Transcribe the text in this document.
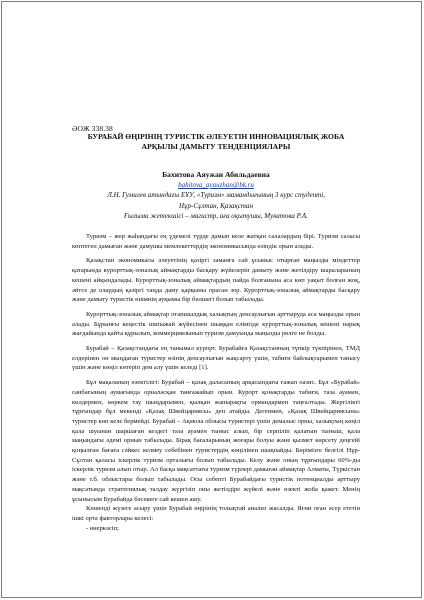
ӘОЖ 338.38
БУРАБАЙ ӨҢІРІНІҢ ТУРИСТІК ӘЛЕУЕТІН ИННОВАЦИЯЛЫҚ ЖОБА
АРҚЫЛЫ ДАМЫТУ ТЕНДЕНЦИЯЛАРЫ
Бахитова Аяужан Абильдаевна
bahitova_ayauzhan@bk.ru
Л.Н. Гумилев атындағы ЕҰУ, «Туризм» мамандығының 3 курс студенті,
Нұр-Сұлтан, Қазақстан
Ғылыми жетекшісі – магистр, аға оқытушы, Мукатова Р.А.

Туризм – жер жаһандағы ең үдемелі түрде дамып келе жатқан салалардың бірі. Туризм саласы көптеген дамыған және дамушы мемлекеттердің экономикасында өзіндік орын алады.

Қазақстан экономикасы әлеуетінің қазіргі заманға сай ұсыныс отырған маңызды міндеттер қатарында курорттық-зоналық аймақтарды басқару жүйелерін дамыту және жетілдіру шараларының кешені айқындалады. Курорттық-зоналық аймақтардың пайда болғанына аса көп уақыт болған жоқ, әйтсе де олардың қазіргі таңда даму қарқыны орасан зор. Курорттық-зоналық аймақтарды басқару және дамыту туристік өнімнің ауқымы бір бөлшегі болып табылады.

Курорттық-зоналық аймақтар отаншылдық халықтың денсаулығын арттыруда аса маңызды орын алады. Бұрынғы кеңестік шипажай жүйесінен шыққан елімізде курорттық-зоналық кешені нарық жағдайында қайта құрылып, коммерциялынып туризм дамуында маңызды рөлге не болды.

Бурабай – Қазақстандағы ең танымал курорт. Бурабайға Қазақстанның түпкір түкпірінен, ТМД елдерінен он мыңдаған туристер өзінің денсаулығын жақсарту үшін, табиғи байлықтарымен танысу үшін және көңіл көтеріп дем алу үшін келеді [1].

Бұл мақаланың өзектілігі: Бурабай – қазақ даласының арқасындағы ғажап оазис. Бұл «Бурабай» санбағының аумағында орналасқан танғажайып орын. Курорт қонақтарды табиғи, таза ауамен, көлдермен, көркем тау шыңдарымен, қылқан жапырақты ормандармен таңғалтады. Жергілікті тұрғындар бұл мекенді «Қазақ Швейцариясы» деп атайды. Дегенмен, «Қазақ Швейцариясына» туристер көп келе бермейді. Бурабай – Ақмола облысы туристері үшін демалыс орны, халықтың көңіл қала шуынан шаршаған кездегі таза ауамен тыныс алып, бір серпіліп қалатын тыныш, қала маңындағы әдемі орнын табылады. Бірақ бағаларының жоғары болуы және қызмет көрсету деңгейі қоңылған бағаға сәйкес келмеу себебінен туристердің көңілінен шықпайды. Бөрімізге белгілі Нұр-Сұлтан қаласы іскерлік туризм орталығы болып табылады. Келу және оның тұрғындары 60%-ды іскерлік туризм алып отыр. Ал басқа мақсаттағы туризм түрлері дамыған аймақтар Алматы, Түркістан және т.б. облыстары болып табылады. Осы себепті Бурабайдағы туристік потенциалды арттыру мақсатында стратегиялық талдау жүргізіп оны жетілдіре жүйелі және өзекті жоба қажет. Менің ұсынысым Бурабайда бәсекеге сай кешен ашу.

Көшенді жүзеге асыру үшін Бурабай өңірінің толықтай анализ жасалды. Яғни оған әсер ететін ішкі орта факторлары келесі:

- өнеркәсіп;
